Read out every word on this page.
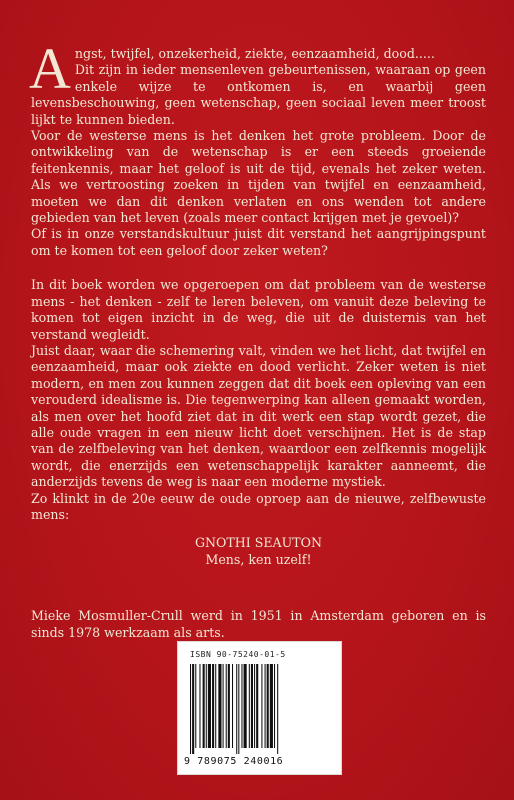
A ngst, twijfel, onzekerheid, ziekte, eenzaamheid, dood.....
Dit zijn in ieder mensenleven gebeurtenissen, waaraan op geen enkele wijze te ontkomen is, en waarbij geen levensbeschouwing, geen wetenschap, geen sociaal leven meer troost lijkt te kunnen bieden.
Voor de westerse mens is het denken het grote probleem. Door de ontwikkeling van de wetenschap is er een steeds groeiende feitenkennis, maar het geloof is uit de tijd, evenals het zeker weten. Als we vertroosting zoeken in tijden van twijfel en eenzaamheid, moeten we dan dit denken verlaten en ons wenden tot andere gebieden van het leven (zoals meer contact krijgen met je gevoel)?
Of is in onze verstandskultuur juist dit verstand het aangrijpingspunt om te komen tot een geloof door zeker weten?
In dit boek worden we opgeroepen om dat probleem van de westerse mens - het denken - zelf te leren beleven, om vanuit deze beleving te komen tot eigen inzicht in de weg, die uit de duisternis van het verstand wegleidt.
Juist daar, waar die schemering valt, vinden we het licht, dat twijfel en eenzaamheid, maar ook ziekte en dood verlicht. Zeker weten is niet modern, en men zou kunnen zeggen dat dit boek een opleving van een verouderd idealisme is. Die tegenwerping kan alleen gemaakt worden, als men over het hoofd ziet dat in dit werk een stap wordt gezet, die alle oude vragen in een nieuw licht doet verschijnen. Het is de stap van de zelfbeleving van het denken, waardoor een zelfkennis mogelijk wordt, die enerzijds een wetenschappelijk karakter aanneemt, die anderzijds tevens de weg is naar een moderne mystiek.
Zo klinkt in de 20e eeuw de oude oproep aan de nieuwe, zelfbewuste mens:
GNOTHI SEAUTON
Mens, ken uzelf!
Mieke Mosmuller-Crull werd in 1951 in Amsterdam geboren en is sinds 1978 werkzaam als arts.
ISBN 90-75240-01-5
9 789075 240016
